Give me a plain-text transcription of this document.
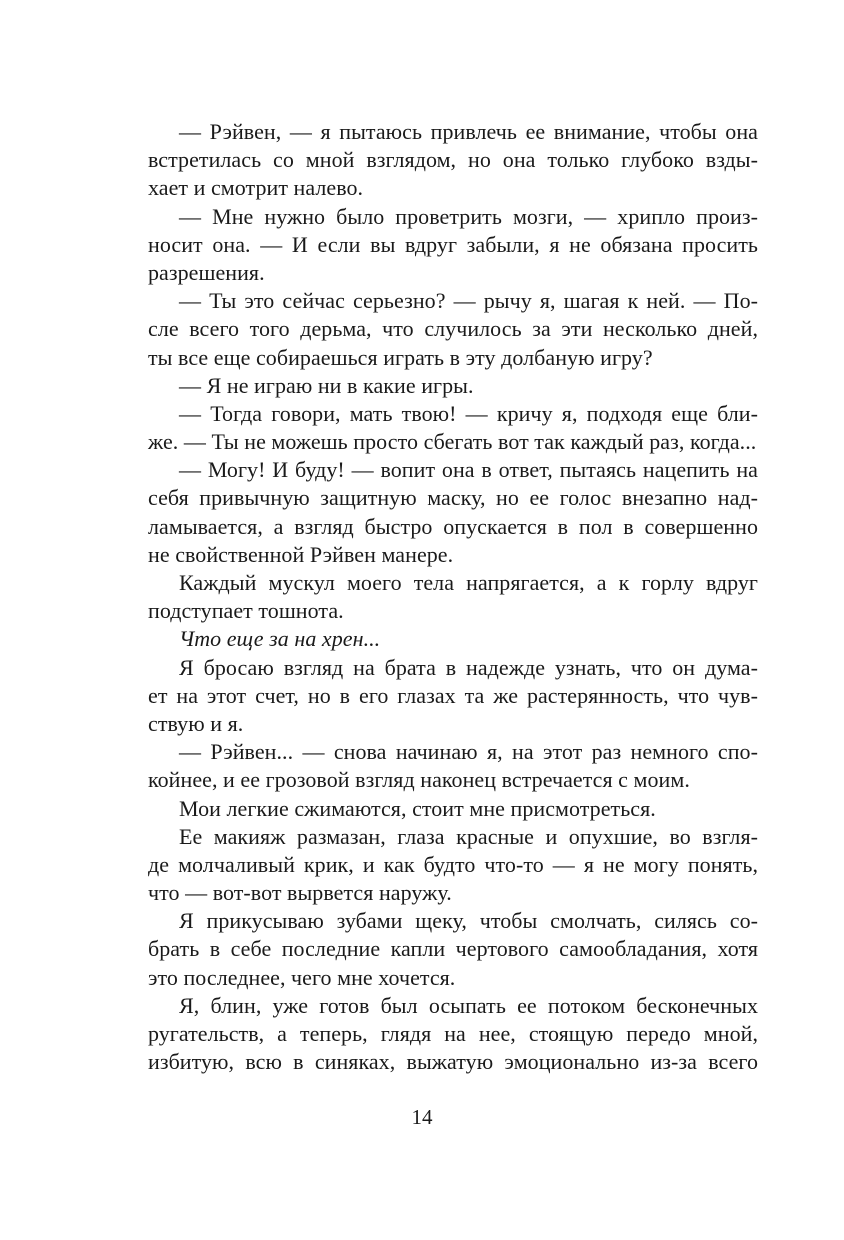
— Рэйвен, — я пытаюсь привлечь ее внимание, чтобы она
встретилась со мной взглядом, но она только глубоко взды-
хает и смотрит налево.
— Мне нужно было проветрить мозги, — хрипло произ-
носит она. — И если вы вдруг забыли, я не обязана просить
разрешения.
— Ты это сейчас серьезно? — рычу я, шагая к ней. — По-
сле всего того дерьма, что случилось за эти несколько дней,
ты все еще собираешься играть в эту долбаную игру?
— Я не играю ни в какие игры.
— Тогда говори, мать твою! — кричу я, подходя еще бли-
же. — Ты не можешь просто сбегать вот так каждый раз, когда...
— Могу! И буду! — вопит она в ответ, пытаясь нацепить на
себя привычную защитную маску, но ее голос внезапно над-
ламывается, а взгляд быстро опускается в пол в совершенно
не свойственной Рэйвен манере.
Каждый мускул моего тела напрягается, а к горлу вдруг
подступает тошнота.
Что еще за на хрен...
Я бросаю взгляд на брата в надежде узнать, что он дума-
ет на этот счет, но в его глазах та же растерянность, что чув-
ствую и я.
— Рэйвен... — снова начинаю я, на этот раз немного спо-
койнее, и ее грозовой взгляд наконец встречается с моим.
Мои легкие сжимаются, стоит мне присмотреться.
Ее макияж размазан, глаза красные и опухшие, во взгля-
де молчаливый крик, и как будто что-то — я не могу понять,
что — вот-вот вырвется наружу.
Я прикусываю зубами щеку, чтобы смолчать, силясь со-
брать в себе последние капли чертового самообладания, хотя
это последнее, чего мне хочется.
Я, блин, уже готов был осыпать ее потоком бесконечных
ругательств, а теперь, глядя на нее, стоящую передо мной,
избитую, всю в синяках, выжатую эмоционально из-за всего
14
